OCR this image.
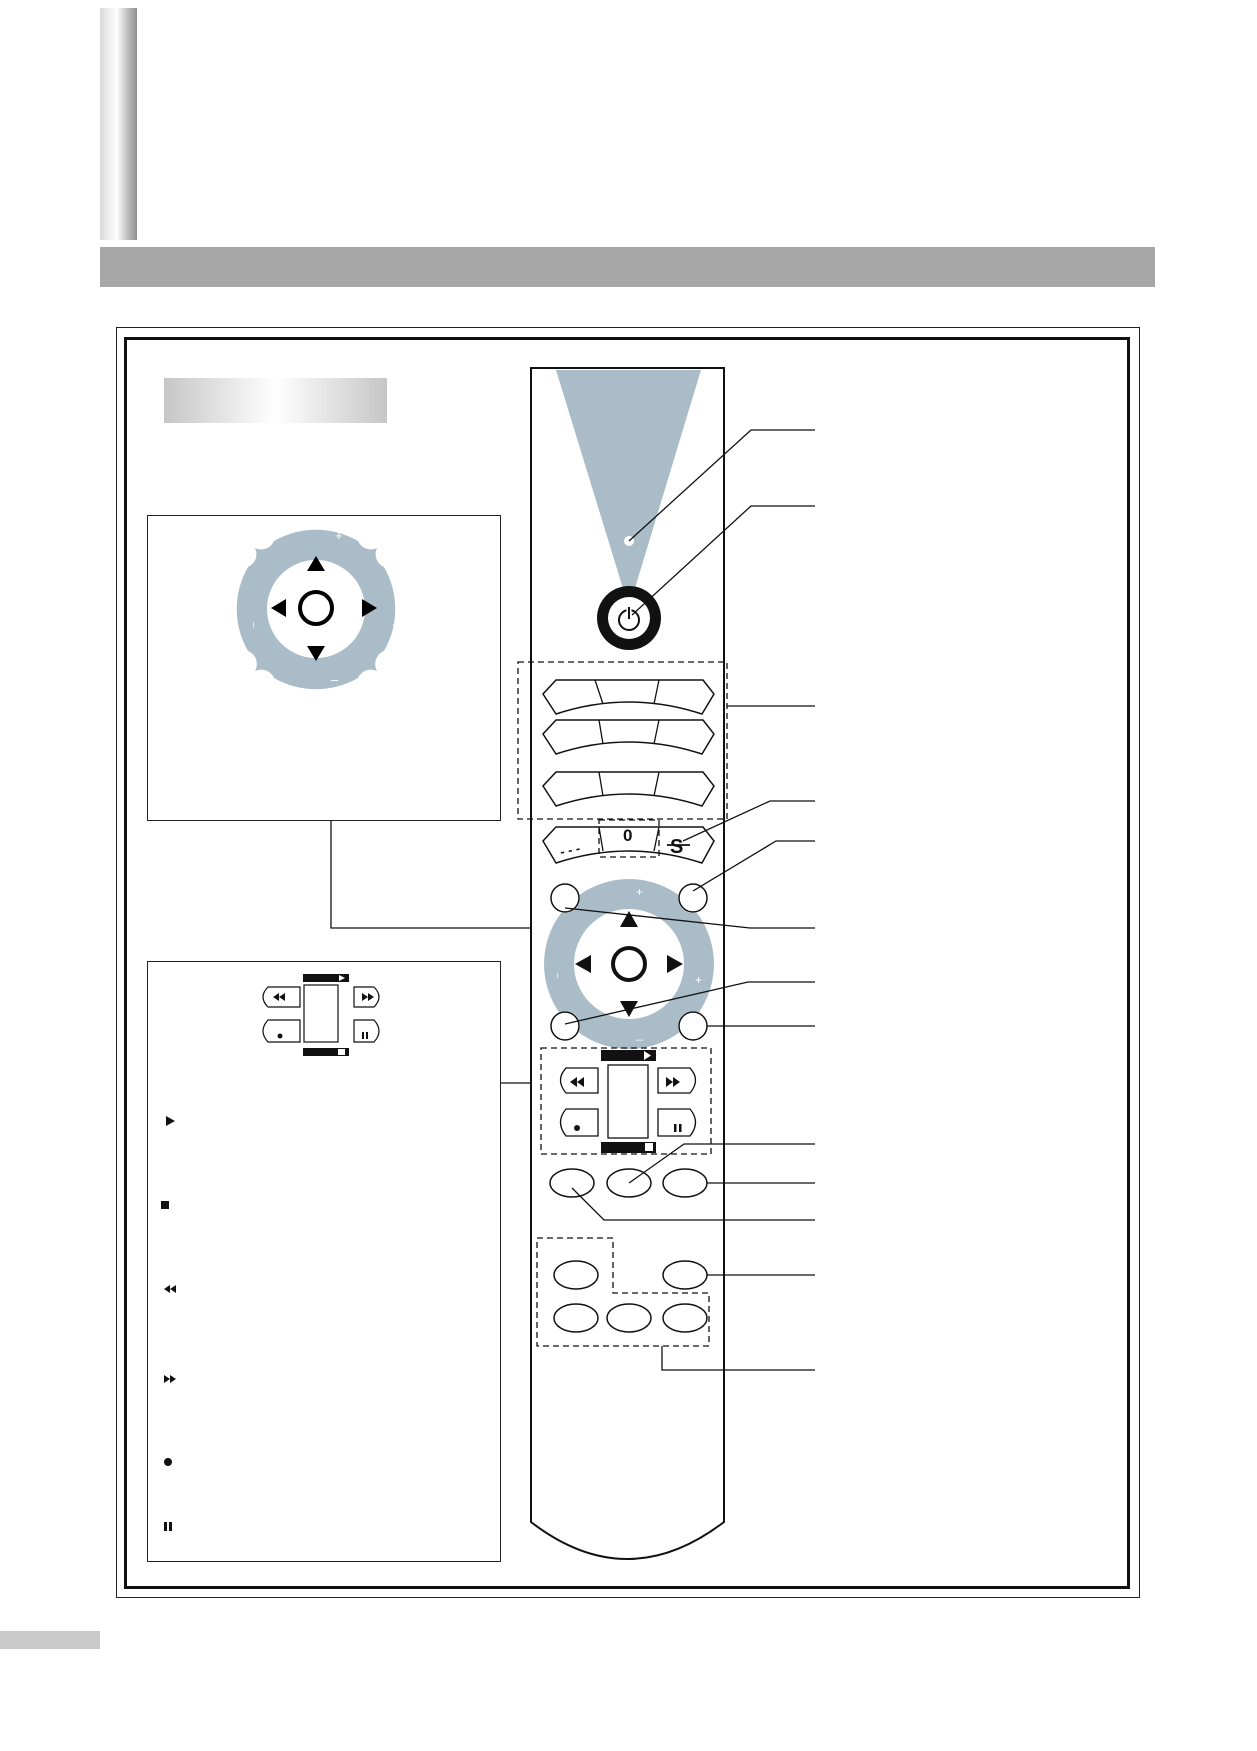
+
+
–
–
- - -
0
S
+
+
–
–
